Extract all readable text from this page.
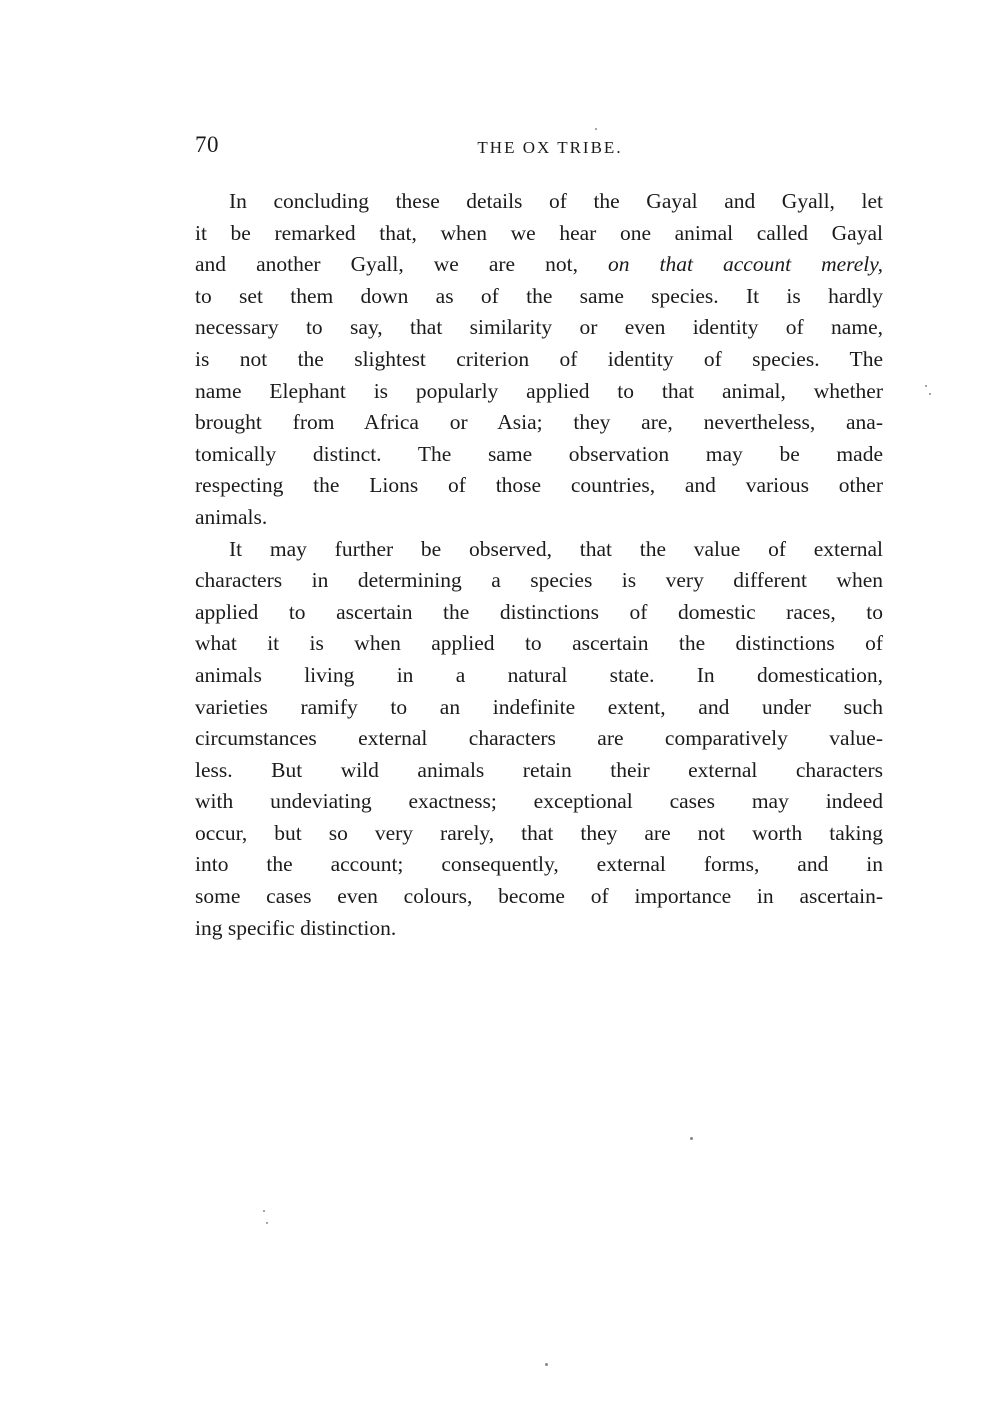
70	THE OX TRIBE.

In concluding these details of the Gayal and Gyall, let
it be remarked that, when we hear one animal called Gayal
and another Gyall, we are not, on that account merely,
to set them down as of the same species. It is hardly
necessary to say, that similarity or even identity of name,
is not the slightest criterion of identity of species. The
name Elephant is popularly applied to that animal, whether
brought from Africa or Asia; they are, nevertheless, ana-
tomically distinct. The same observation may be made
respecting the Lions of those countries, and various other
animals.

It may further be observed, that the value of external
characters in determining a species is very different when
applied to ascertain the distinctions of domestic races, to
what it is when applied to ascertain the distinctions of
animals living in a natural state. In domestication,
varieties ramify to an indefinite extent, and under such
circumstances external characters are comparatively value-
less. But wild animals retain their external characters
with undeviating exactness; exceptional cases may indeed
occur, but so very rarely, that they are not worth taking
into the account; consequently, external forms, and in
some cases even colours, become of importance in ascertain-
ing specific distinction.
